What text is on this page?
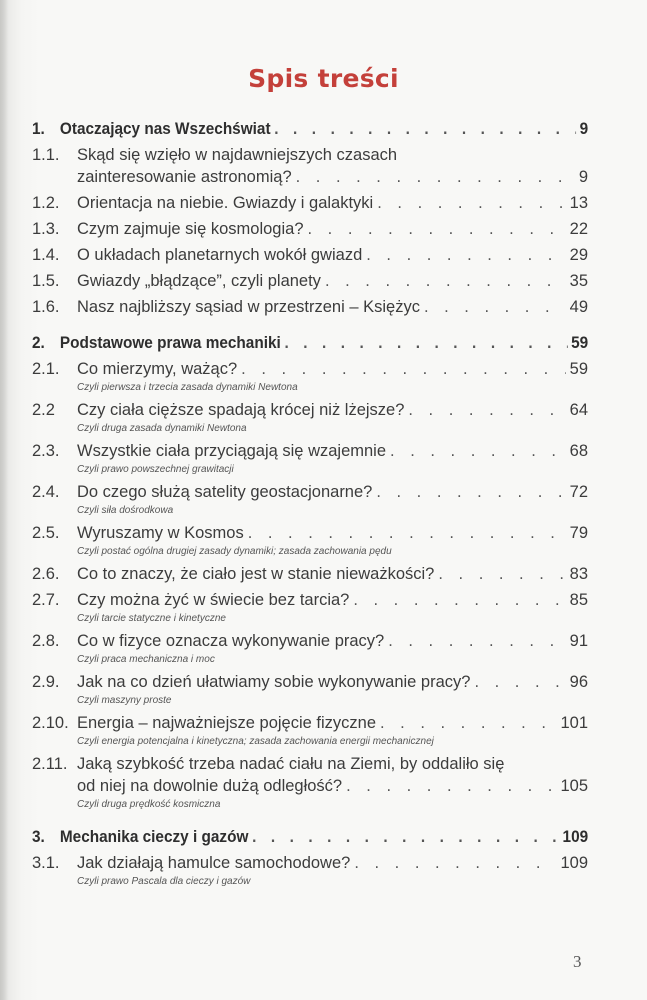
Spis treści
1. Otaczający nas Wszechświat . . .	9
1.1.	Skąd się wzięło w najdawniejszych czasach
zainteresowanie astronomią? . . .	9
1.2.	Orientacja na niebie. Gwiazdy i galaktyki . . .	13
1.3.	Czym zajmuje się kosmologia? . . .	22
1.4.	O układach planetarnych wokół gwiazd . . .	29
1.5.	Gwiazdy „błądzące”, czyli planety . . .	35
1.6.	Nasz najbliższy sąsiad w przestrzeni – Księżyc . . .	49
2. Podstawowe prawa mechaniki . . .	59
2.1.	Co mierzymy, ważąc? . . .	59
Czyli pierwsza i trzecia zasada dynamiki Newtona
2.2	Czy ciała cięższe spadają krócej niż lżejsze? . . .	64
Czyli druga zasada dynamiki Newtona
2.3.	Wszystkie ciała przyciągają się wzajemnie . . .	68
Czyli prawo powszechnej grawitacji
2.4.	Do czego służą satelity geostacjonarne? . . .	72
Czyli siła dośrodkowa
2.5.	Wyruszamy w Kosmos . . .	79
Czyli postać ogólna drugiej zasady dynamiki; zasada zachowania pędu
2.6.	Co to znaczy, że ciało jest w stanie nieważkości? . . .	83
2.7.	Czy można żyć w świecie bez tarcia? . . .	85
Czyli tarcie statyczne i kinetyczne
2.8.	Co w fizyce oznacza wykonywanie pracy? . . .	91
Czyli praca mechaniczna i moc
2.9.	Jak na co dzień ułatwiamy sobie wykonywanie pracy? . . .	96
Czyli maszyny proste
2.10. Energia – najważniejsze pojęcie fizyczne . . .	101
Czyli energia potencjalna i kinetyczna; zasada zachowania energii mechanicznej
2.11. Jaką szybkość trzeba nadać ciału na Ziemi, by oddaliło się
od niej na dowolnie dużą odległość? . . .	105
Czyli druga prędkość kosmiczna
3. Mechanika cieczy i gazów . . .	109
3.1.	Jak działają hamulce samochodowe? . . .	109
Czyli prawo Pascala dla cieczy i gazów
3
